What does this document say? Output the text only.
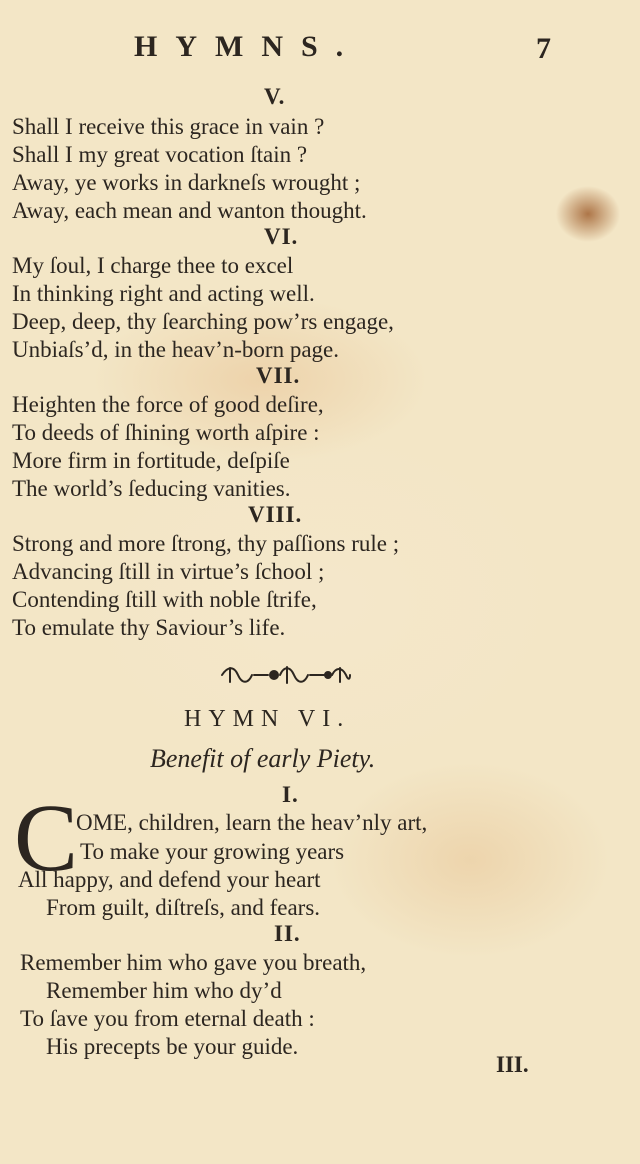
HYMNS.	7
V.
Shall I receive this grace in vain ?
Shall I my great vocation ſtain ?
Away, ye works in darkneſs wrought ;
Away, each mean and wanton thought.
VI.
My ſoul, I charge thee to excel
In thinking right and acting well.
Deep, deep, thy ſearching pow’rs engage,
Unbiaſs’d, in the heav’n-born page.
VII.
Heighten the force of good deſire,
To deeds of ſhining worth aſpire :
More firm in fortitude, deſpiſe
The world’s ſeducing vanities.
VIII.
Strong and more ſtrong, thy paſſions rule ;
Advancing ſtill in virtue’s ſchool ;
Contending ſtill with noble ſtrife,
To emulate thy Saviour’s life.
HYMN VI.
Benefit of early Piety.
I.
C
OME, children, learn the heav’nly art,
To make your growing years
All happy, and defend your heart
From guilt, diſtreſs, and fears.
II.
Remember him who gave you breath,
Remember him who dy’d
To ſave you from eternal death :
His precepts be your guide.
III.
